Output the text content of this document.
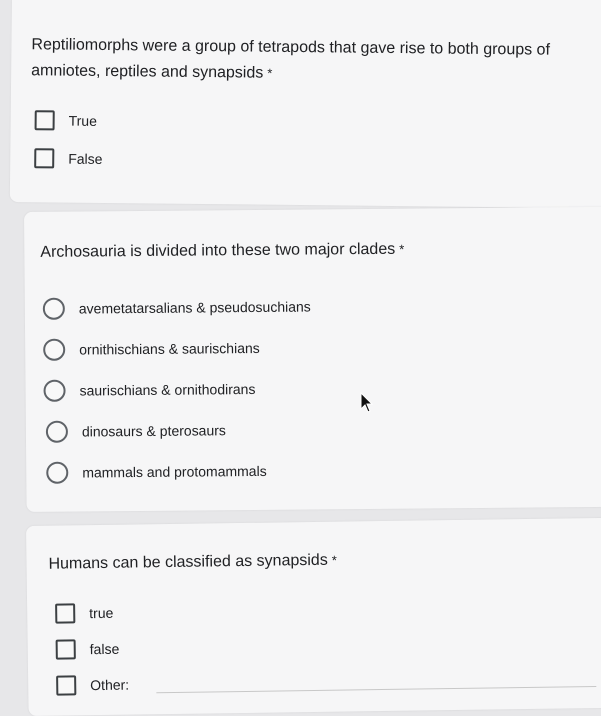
Reptiliomorphs were a group of tetrapods that gave rise to both groups of
amniotes, reptiles and synapsids *
True
False
Archosauria is divided into these two major clades *
avemetatarsalians & pseudosuchians
ornithischians & saurischians
saurischians & ornithodirans
dinosaurs & pterosaurs
mammals and protomammals
Humans can be classified as synapsids *
true
false
Other:
